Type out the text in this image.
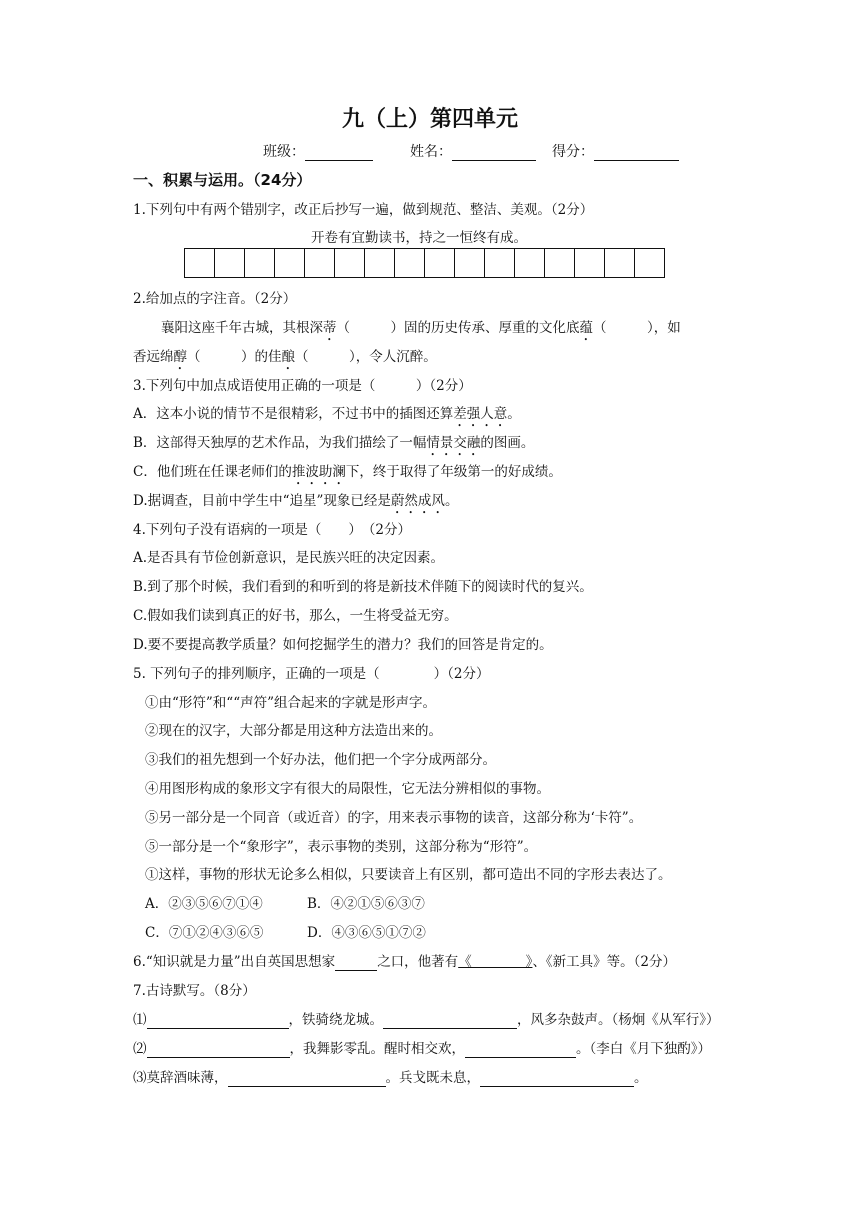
九（上）第四单元
班级：	姓名：	得分：
一、积累与运用。（24分）
1.下列句中有两个错别字，改正后抄写一遍，做到规范、整洁、美观。（2分）
开卷有宜勤读书，持之一恒终有成。
2.给加点的字注音。（2分）
襄阳这座千年古城，其根深蒂（　　　）固的历史传承、厚重的文化底蕴（　　　），如
香远绵醇（　　　）的佳酿（　　　），令人沉醉。
3.下列句中加点成语使用正确的一项是（　　　）（2分）
A．这本小说的情节不是很精彩，不过书中的插图还算差强人意。
B．这部得天独厚的艺术作品，为我们描绘了一幅情景交融的图画。
C．他们班在任课老师们的推波助澜下，终于取得了年级第一的好成绩。
D.据调查，目前中学生中“追星”现象已经是蔚然成风。
4.下列句子没有语病的一项是（　　）　（2分）
A.是否具有节俭创新意识，是民族兴旺的决定因素。
B.到了那个时候，我们看到的和听到的将是新技术伴随下的阅读时代的复兴。
C.假如我们读到真正的好书，那么，一生将受益无穷。
D.要不要提高教学质量？如何挖掘学生的潜力？我们的回答是肯定的。
5. 下列句子的排列顺序，正确的一项是（　　　　）（2分）
①由“形符”和““声符”组合起来的字就是形声字。
②现在的汉字，大部分都是用这种方法造出来的。
③我们的祖先想到一个好办法，他们把一个字分成两部分。
④用图形构成的象形文字有很大的局限性，它无法分辨相似的事物。
⑤另一部分是一个同音（或近音）的字，用来表示事物的读音，这部分称为‘卡符”。
⑤一部分是一个“象形字”，表示事物的类别，这部分称为“形符”。
①这样，事物的形状无论多么相似，只要读音上有区别，都可造出不同的字形去表达了。
A．②③⑤⑥⑦①④	B．④②①⑤⑥③⑦
C．⑦①②④③⑥⑤	D．④③⑥⑤①⑦②
6.“知识就是力量”出自英国思想家	之口，他著有《　　　　》、《新工具》等。（2分）
7.古诗默写。（8分）
⑴	，铁骑绕龙城。	，风多杂鼓声。（杨炯《从军行》）
⑵	，我舞影零乱。醒时相交欢，	。（李白《月下独酌》）
⑶莫辞酒味薄，	。兵戈既未息，	。
